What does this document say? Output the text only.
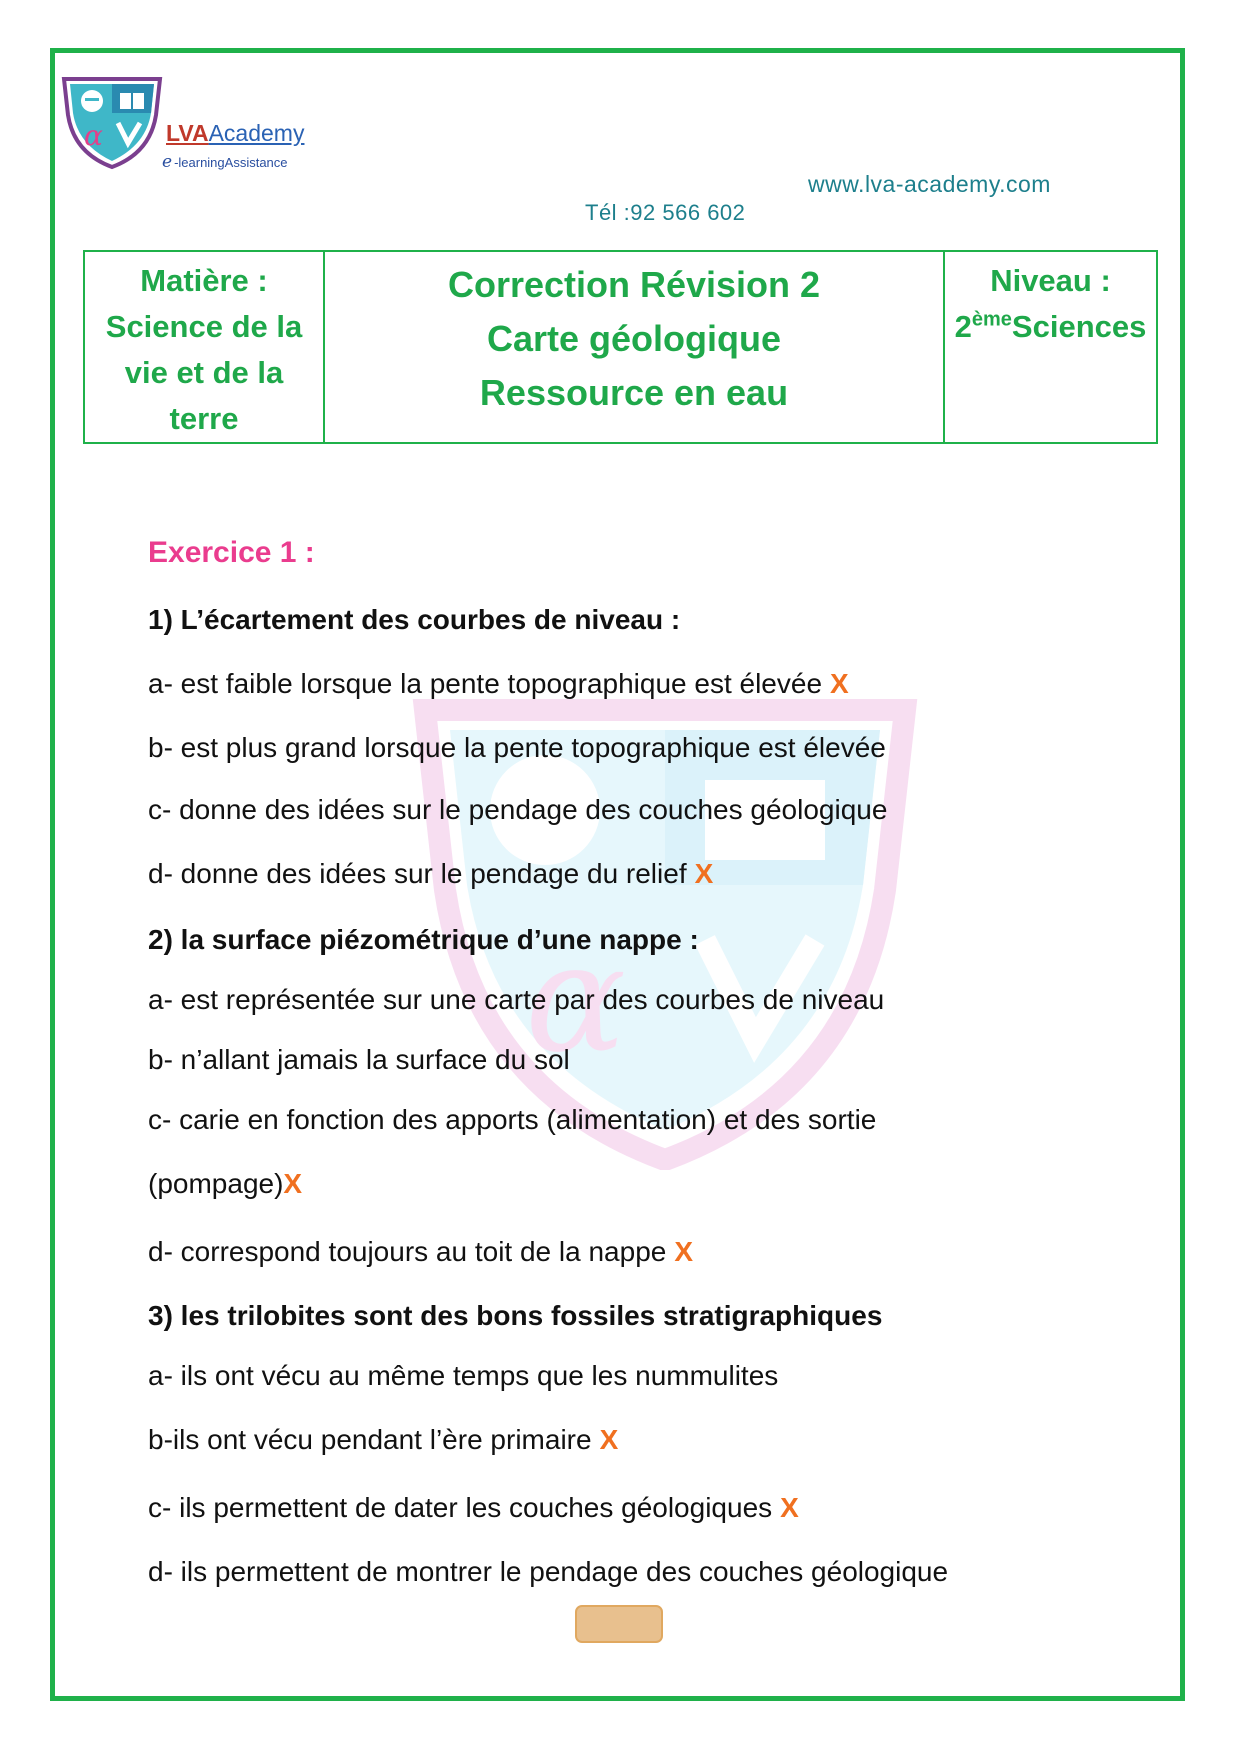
α	LVAAcademy
e -learningAssistance
www.lva-academy.com
Tél :92 566 602
Matière :
Science de la
vie et de la
terre

Correction Révision 2
Carte géologique
Ressource en eau

Niveau :
2èmeSciences
α
Exercice 1 :
1) L’écartement des courbes de niveau :
a- est faible lorsque la pente topographique est élevée X
b- est plus grand lorsque la pente topographique est élevée
c- donne des idées sur le pendage des couches géologique
d- donne des idées sur le pendage du relief X
2) la surface piézométrique d’une nappe :
a- est représentée sur une carte par des courbes de niveau
b- n’allant jamais la surface du sol
c- carie en fonction des apports (alimentation) et des sortie
(pompage)X
d- correspond toujours au toit de la nappe X
3) les trilobites sont des bons fossiles stratigraphiques
a- ils ont vécu au même temps que les nummulites
b-ils ont vécu pendant l’ère primaire X
c- ils permettent de dater les couches géologiques X
d- ils permettent de montrer le pendage des couches géologique
